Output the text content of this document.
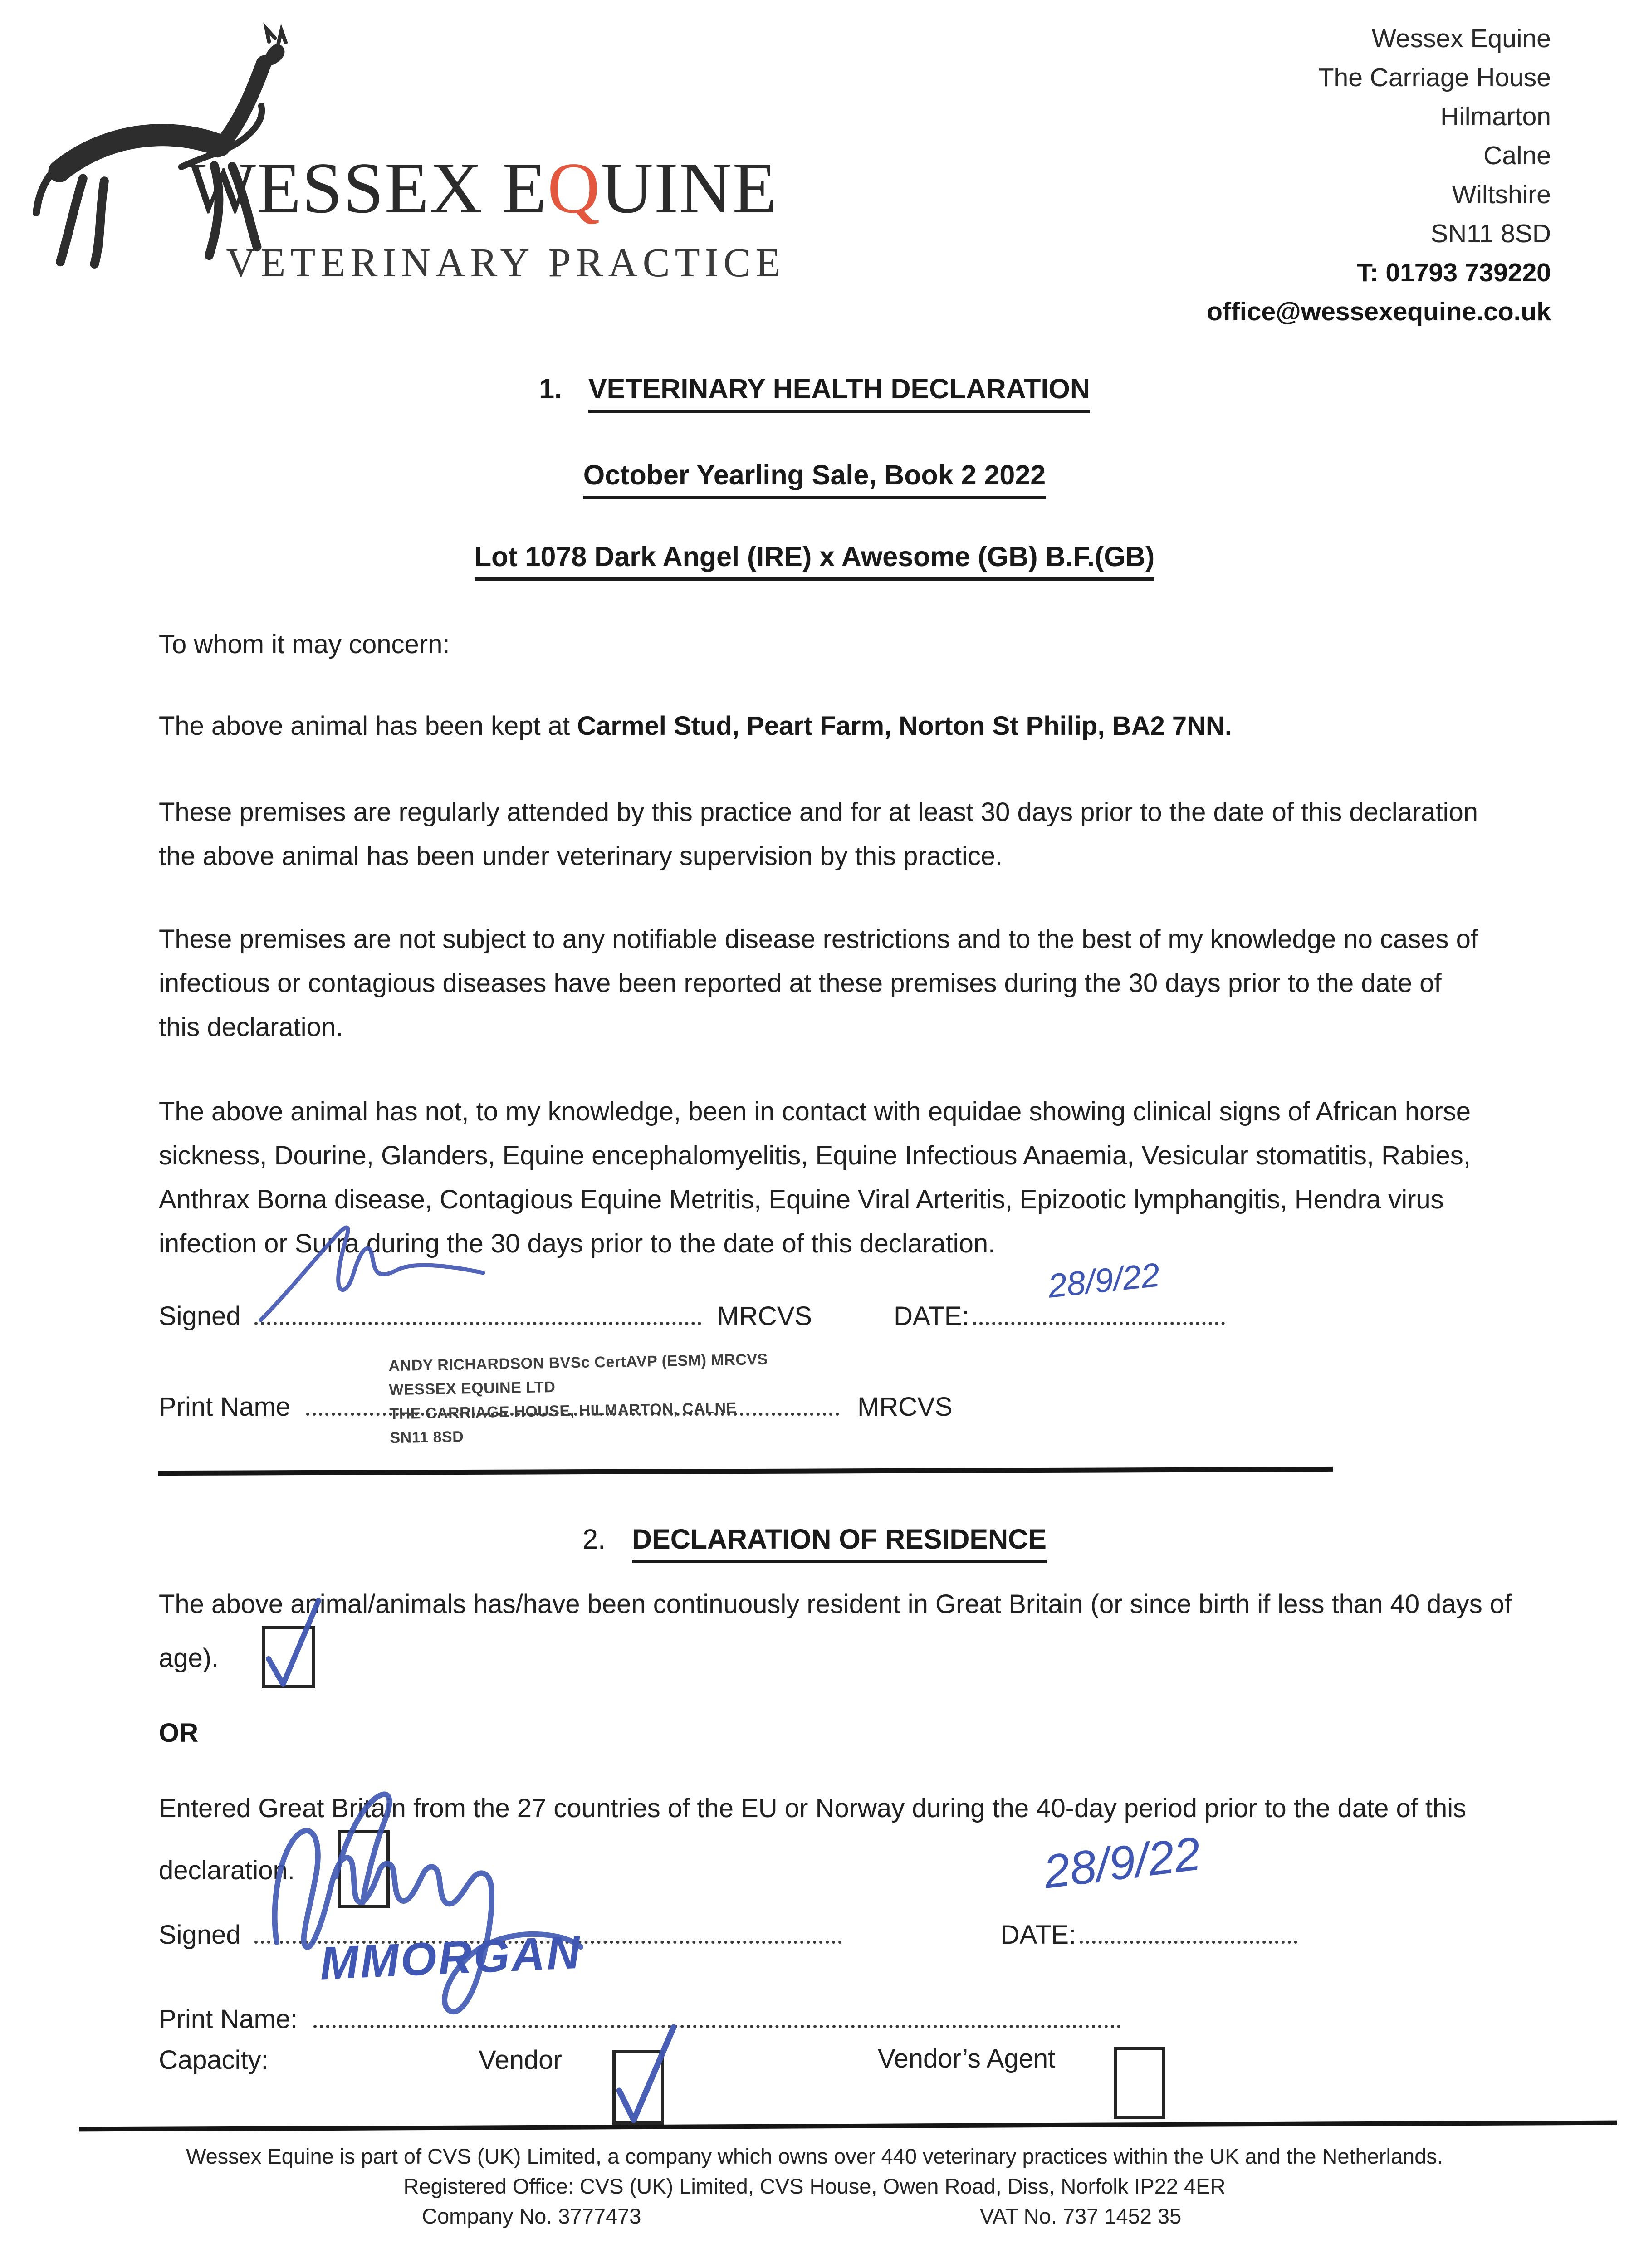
WESSEX EQUINE
VETERINARY PRACTICE
Wessex Equine
The Carriage House
Hilmarton
Calne
Wiltshire
SN11 8SD
T: 01793 739220
office@wessexequine.co.uk
1. VETERINARY HEALTH DECLARATION
October Yearling Sale, Book 2 2022
Lot 1078 Dark Angel (IRE) x Awesome (GB) B.F.(GB)
To whom it may concern:
The above animal has been kept at Carmel Stud, Peart Farm, Norton St Philip, BA2 7NN.
These premises are regularly attended by this practice and for at least 30 days prior to the date of this declaration the above animal has been under veterinary supervision by this practice.
These premises are not subject to any notifiable disease restrictions and to the best of my knowledge no cases of infectious or contagious diseases have been reported at these premises during the 30 days prior to the date of this declaration.
The above animal has not, to my knowledge, been in contact with equidae showing clinical signs of African horse sickness, Dourine, Glanders, Equine encephalomyelitis, Equine Infectious Anaemia, Vesicular stomatitis, Rabies, Anthrax Borna disease, Contagious Equine Metritis, Equine Viral Arteritis, Epizootic lymphangitis, Hendra virus infection or Surra during the 30 days prior to the date of this declaration.
Signed	MRCVS	DATE:
28/9/22
Print Name	MRCVS
ANDY RICHARDSON BVSc CertAVP (ESM) MRCVS
WESSEX EQUINE LTD
THE CARRIAGE HOUSE, HILMARTON, CALNE
SN11 8SD
2. DECLARATION OF RESIDENCE
The above animal/animals has/have been continuously resident in Great Britain (or since birth if less than 40 days of age).
OR
Entered Great Britain from the 27 countries of the EU or Norway during the 40-day period prior to the date of this declaration.
Signed	DATE:
28/9/22
Print Name:
MMORGAN
Capacity:	Vendor	Vendor’s Agent
Wessex Equine is part of CVS (UK) Limited, a company which owns over 440 veterinary practices within the UK and the Netherlands.
Registered Office: CVS (UK) Limited, CVS House, Owen Road, Diss, Norfolk IP22 4ER
Company No. 3777473	VAT No. 737 1452 35
